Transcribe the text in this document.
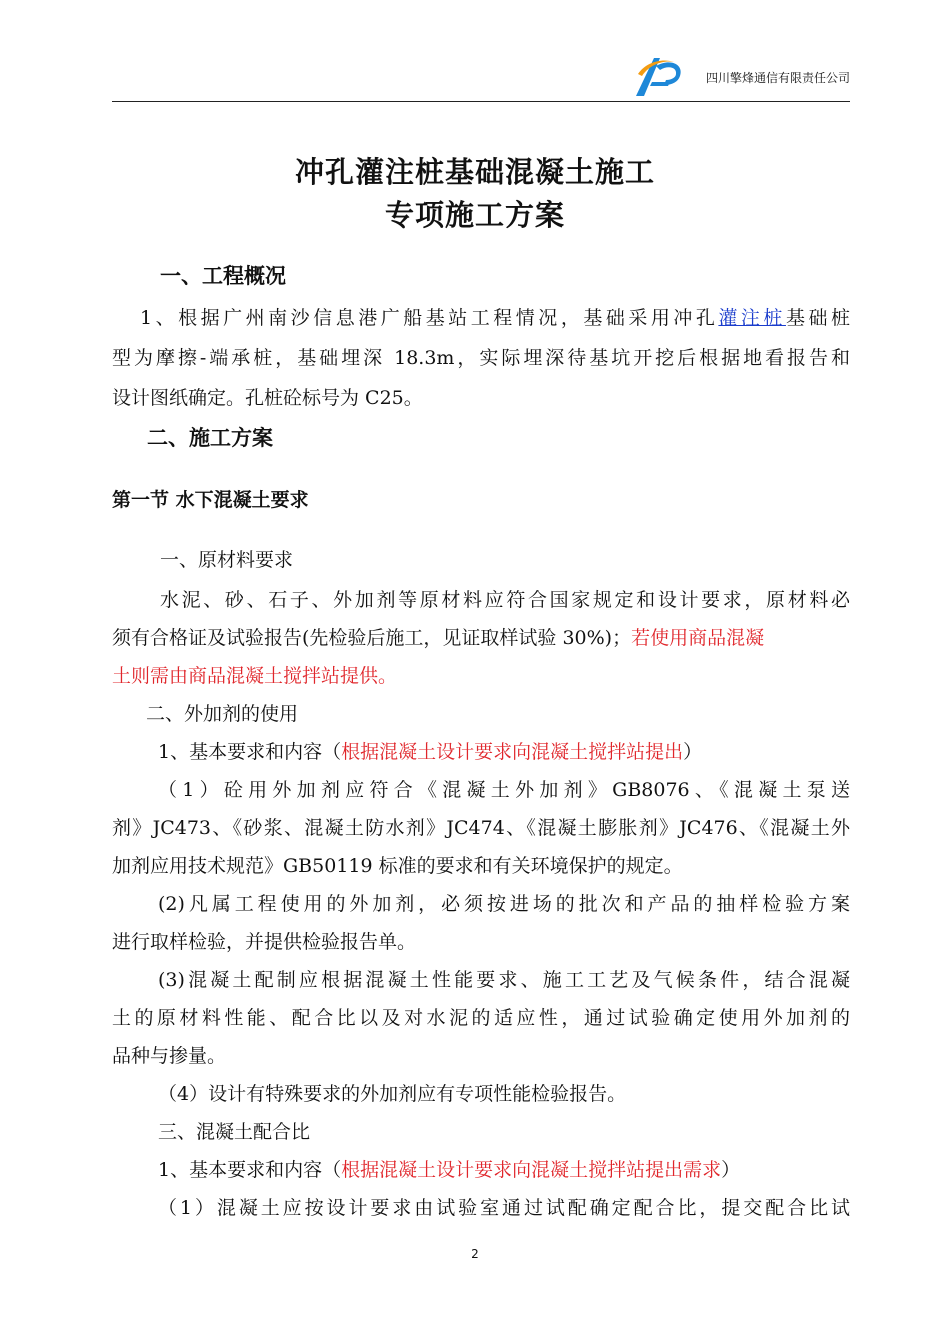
四川擎烽通信有限责任公司
冲孔灌注桩基础混凝土施工
专项施工方案
一、工程概况
1、根据广州南沙信息港广船基站工程情况，基础采用冲孔灌注桩基础桩
型为摩擦-端承桩，基础埋深 18.3m，实际埋深待基坑开挖后根据地看报告和
设计图纸确定。孔桩砼标号为 C25。
二、施工方案
第一节 水下混凝土要求
一、原材料要求
水泥、砂、石子、外加剂等原材料应符合国家规定和设计要求，原材料必
须有合格证及试验报告(先检验后施工，见证取样试验 30%)；若使用商品混凝
土则需由商品混凝土搅拌站提供。
二、外加剂的使用
1、基本要求和内容（根据混凝土设计要求向混凝土搅拌站提出）
（1）砼用外加剂应符合《混凝土外加剂》GB8076、《混凝土泵送
剂》JC473、《砂浆、混凝土防水剂》JC474、《混凝土膨胀剂》JC476、《混凝土外
加剂应用技术规范》GB50119 标准的要求和有关环境保护的规定。
(2)凡属工程使用的外加剂，必须按进场的批次和产品的抽样检验方案
进行取样检验，并提供检验报告单。
(3)混凝土配制应根据混凝土性能要求、施工工艺及气候条件，结合混凝
土的原材料性能、配合比以及对水泥的适应性，通过试验确定使用外加剂的
品种与掺量。
（4）设计有特殊要求的外加剂应有专项性能检验报告。
三、混凝土配合比
1、基本要求和内容（根据混凝土设计要求向混凝土搅拌站提出需求）
（1）混凝土应按设计要求由试验室通过试配确定配合比，提交配合比试
2
